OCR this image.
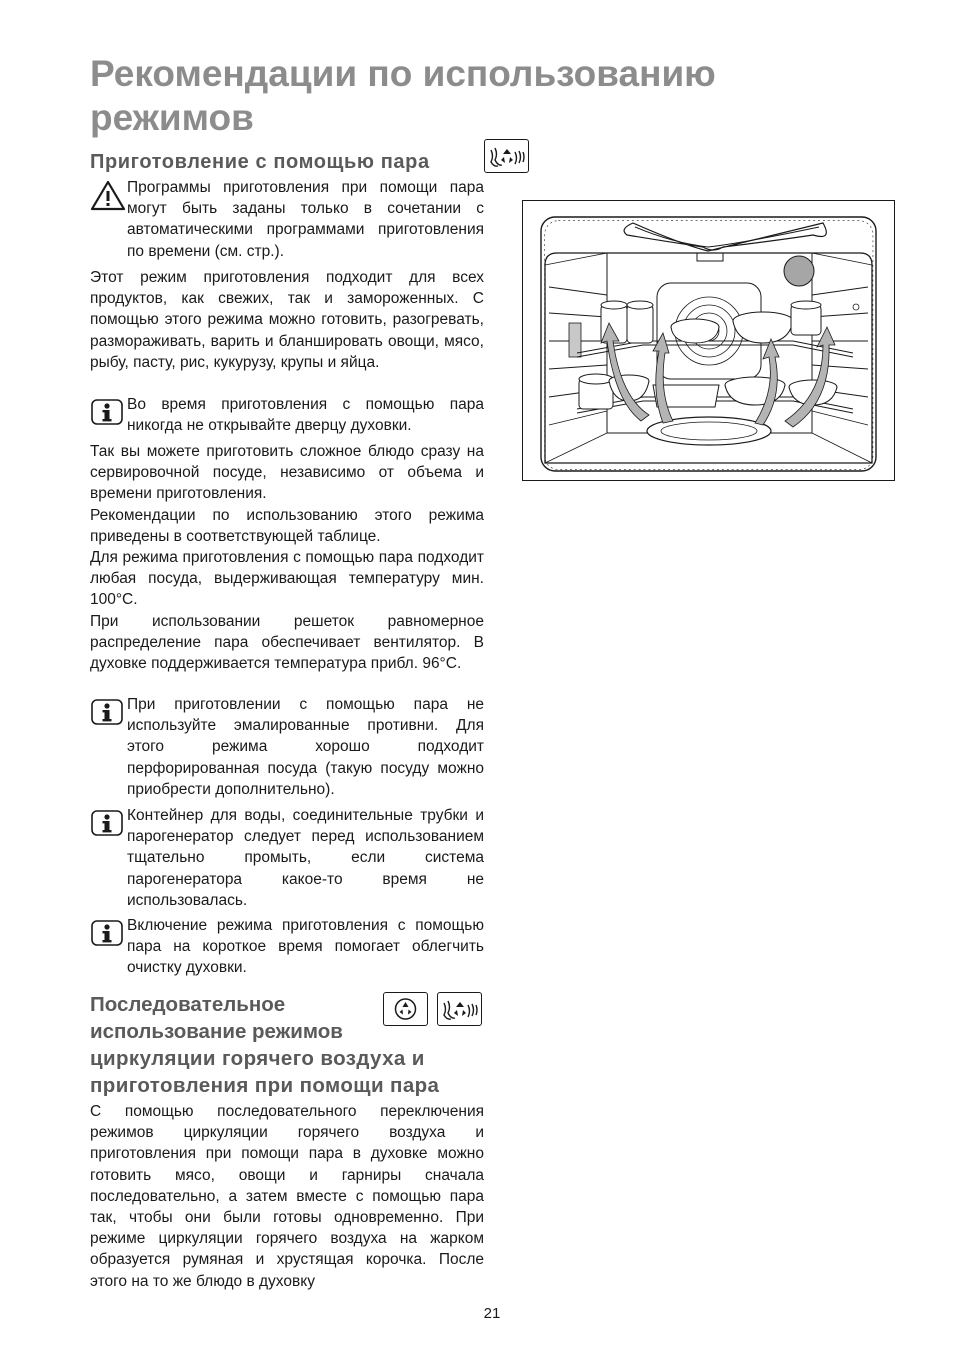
Рекомендации по использованию режимов
Приготовление с помощью пара
Программы приготовления при помощи пара могут быть заданы только в сочетании с автоматическими программами приготовления по времени (см. стр.).
Этот режим приготовления подходит для всех продуктов, как свежих, так и замороженных. С помощью этого режима можно готовить, разогревать, размораживать, варить и бланшировать овощи, мясо, рыбу, пасту, рис, кукурузу, крупы и яйца.
Во время приготовления с помощью пара никогда не открывайте дверцу духовки.

Так вы можете приготовить сложное блюдо сразу на сервировочной посуде, независимо от объема и времени приготовления.

Рекомендации по использованию этого режима приведены в соответствующей таблице.

Для режима приготовления с помощью пара подходит любая посуда, выдерживающая температуру мин. 100°С.

При использовании решеток равномерное распределение пара обеспечивает вентилятор. В духовке поддерживается температура прибл. 96°С.

При приготовлении с помощью пара не используйте эмалированные противни. Для этого режима хорошо подходит перфорированная посуда (такую посуду можно приобрести дополнительно).
Контейнер для воды, соединительные трубки и парогенератор следует перед использованием тщательно промыть, если система парогенератора какое-то время не использовалась.
Включение режима приготовления с помощью пара на короткое время помогает облегчить очистку духовки.
Последовательное
использование режимов
циркуляции горячего воздуха и
приготовления при помощи пара
С помощью последовательного переключения режимов циркуляции горячего воздуха и приготовления при помощи пара в духовке можно готовить мясо, овощи и гарниры сначала последовательно, а затем вместе с помощью пара так, чтобы они были готовы одновременно. При режиме циркуляции горячего воздуха на жарком образуется румяная и хрустящая корочка. После этого на то же блюдо в духовку
21
